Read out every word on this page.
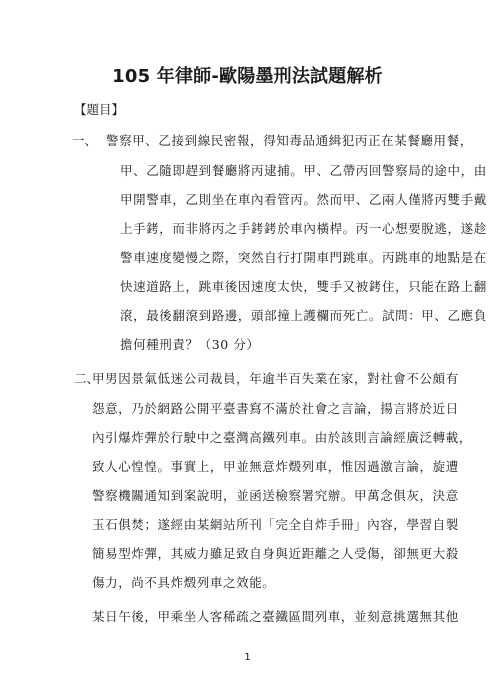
105 年律師-歐陽墨刑法試題解析
【題目】
一、 警察甲、乙接到線民密報，得知毒品通緝犯丙正在某餐廳用餐，
甲、乙隨即趕到餐廳將丙逮捕。甲、乙帶丙回警察局的途中，由
甲開警車，乙則坐在車內看管丙。然而甲、乙兩人僅將丙雙手戴
上手銬，而非將丙之手銬銬於車內橫桿。丙一心想要脫逃，遂趁
警車速度變慢之際，突然自行打開車門跳車。丙跳車的地點是在
快速道路上，跳車後因速度太快，雙手又被銬住，只能在路上翻
滾，最後翻滾到路邊，頭部撞上護欄而死亡。試問：甲、乙應負
擔何種刑責？（30 分）
二、
甲男因景氣低迷公司裁員，年逾半百失業在家，對社會不公頗有
怨意，乃於網路公開平臺書寫不滿於社會之言論，揚言將於近日
內引爆炸彈於行駛中之臺灣高鐵列車。由於該則言論經廣泛轉載，
致人心惶惶。事實上，甲並無意炸燬列車，惟因過激言論，旋遭
警察機關通知到案說明，並函送檢察署究辦。甲萬念俱灰，決意
玉石俱焚；遂經由某網站所刊「完全自炸手冊」內容，學習自製
簡易型炸彈，其威力雖足致自身與近距離之人受傷，卻無更大殺
傷力，尚不具炸燬列車之效能。
某日午後，甲乘坐人客稀疏之臺鐵區間列車，並刻意挑選無其他
1
